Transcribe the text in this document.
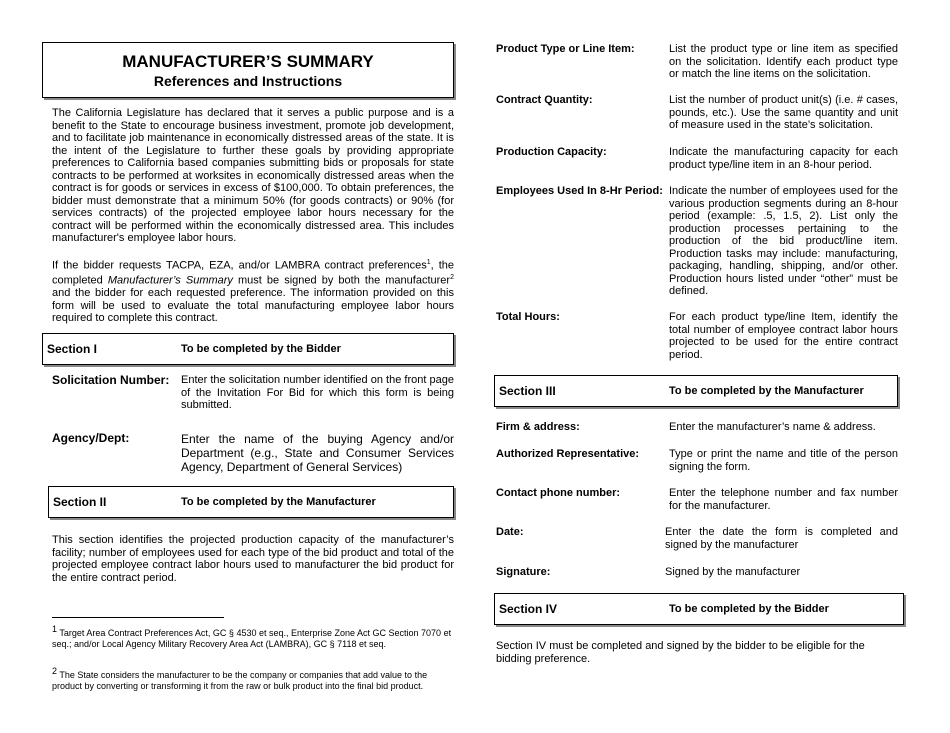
MANUFACTURER’S SUMMARY
References and Instructions
The California Legislature has declared that it serves a public purpose and is a benefit to the State to encourage business investment, promote job development, and to facilitate job maintenance in economically distressed areas of the state. It is the intent of the Legislature to further these goals by providing appropriate preferences to California based companies submitting bids or proposals for state contracts to be performed at worksites in economically distressed areas when the contract is for goods or services in excess of $100,000. To obtain preferences, the bidder must demonstrate that a minimum 50% (for goods contracts) or 90% (for services contracts) of the projected employee labor hours necessary for the contract will be performed within the economically distressed area. This includes manufacturer's employee labor hours.
If the bidder requests TACPA, EZA, and/or LAMBRA contract preferences$^1$, the completed Manufacturer’s Summary must be signed by both the manufacturer$^2$ and the bidder for each requested preference. The information provided on this form will be used to evaluate the total manufacturing employee labor hours required to complete this contract.
Section I	To be completed by the Bidder
Solicitation Number: Enter the solicitation number identified on the front page of the Invitation For Bid for which this form is being submitted.
Agency/Dept:	Enter the name of the buying Agency and/or Department (e.g., State and Consumer Services Agency, Department of General Services)
Section II	To be completed by the Manufacturer
This section identifies the projected production capacity of the manufacturer’s facility; number of employees used for each type of the bid product and total of the projected employee contract labor hours used to manufacturer the bid product for the entire contract period.
$^1$ Target Area Contract Preferences Act, GC § 4530 et seq., Enterprise Zone Act GC Section 7070 et seq.; and/or Local Agency Military Recovery Area Act (LAMBRA), GC § 7118 et seq.
$^2$ The State considers the manufacturer to be the company or companies that add value to the product by converting or transforming it from the raw or bulk product into the final bid product.
Product Type or Line Item:	List the product type or line item as specified on the solicitation. Identify each product type or match the line items on the solicitation.
Contract Quantity:	List the number of product unit(s) (i.e. # cases, pounds, etc.). Use the same quantity and unit of measure used in the state’s solicitation.
Production Capacity:	Indicate the manufacturing capacity for each product type/line item in an 8-hour period.
Employees Used In 8-Hr Period: Indicate the number of employees used for the various production segments during an 8-hour period (example: .5, 1.5, 2). List only the production processes pertaining to the production of the bid product/line item. Production tasks may include: manufacturing, packaging, handling, shipping, and/or other. Production hours listed under “other” must be defined.
Total Hours:	For each product type/line Item, identify the total number of employee contract labor hours projected to be used for the entire contract period.
Section III	To be completed by the Manufacturer
Firm & address:	Enter the manufacturer’s name & address.
Authorized Representative:	Type or print the name and title of the person signing the form.
Contact phone number:	Enter the telephone number and fax number for the manufacturer.
Date:	Enter the date the form is completed and signed by the manufacturer
Signature:	Signed by the manufacturer
Section IV	To be completed by the Bidder
Section IV must be completed and signed by the bidder to be eligible for the bidding preference.
